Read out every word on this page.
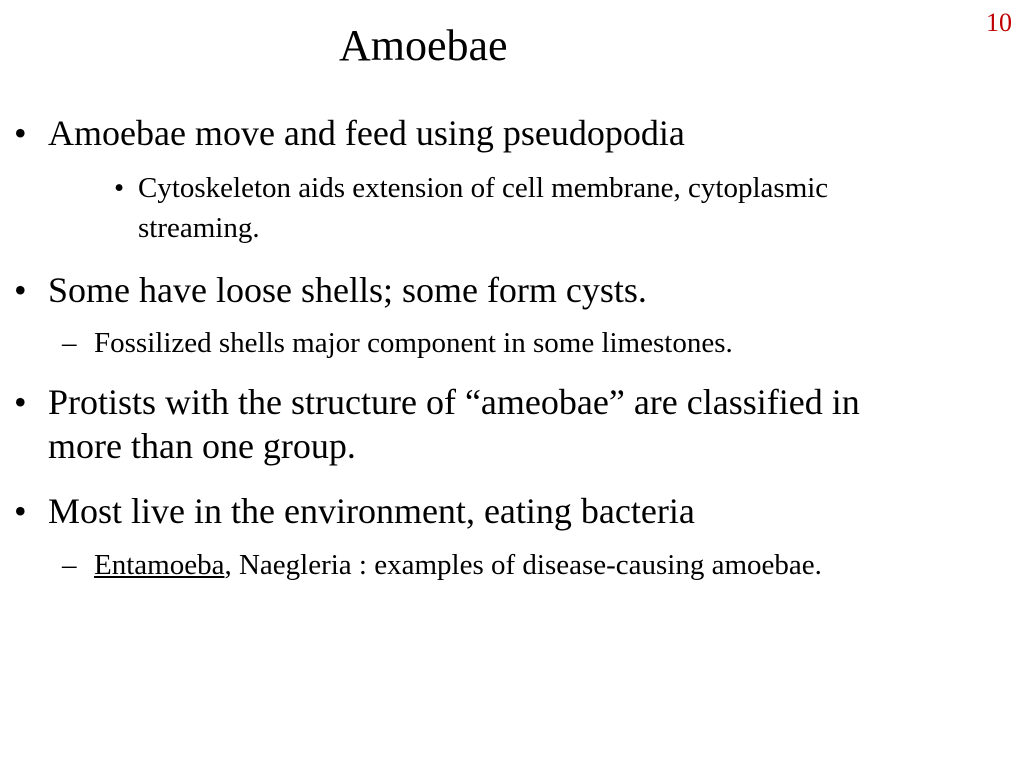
10
Amoebae
• Amoebae move and feed using pseudopodia
• Cytoskeleton aids extension of cell membrane, cytoplasmic streaming.
• Some have loose shells; some form cysts.
– Fossilized shells major component in some limestones.
• Protists with the structure of “ameobae” are classified in more than one group.
• Most live in the environment, eating bacteria
– Entamoeba, Naegleria : examples of disease-causing amoebae.
